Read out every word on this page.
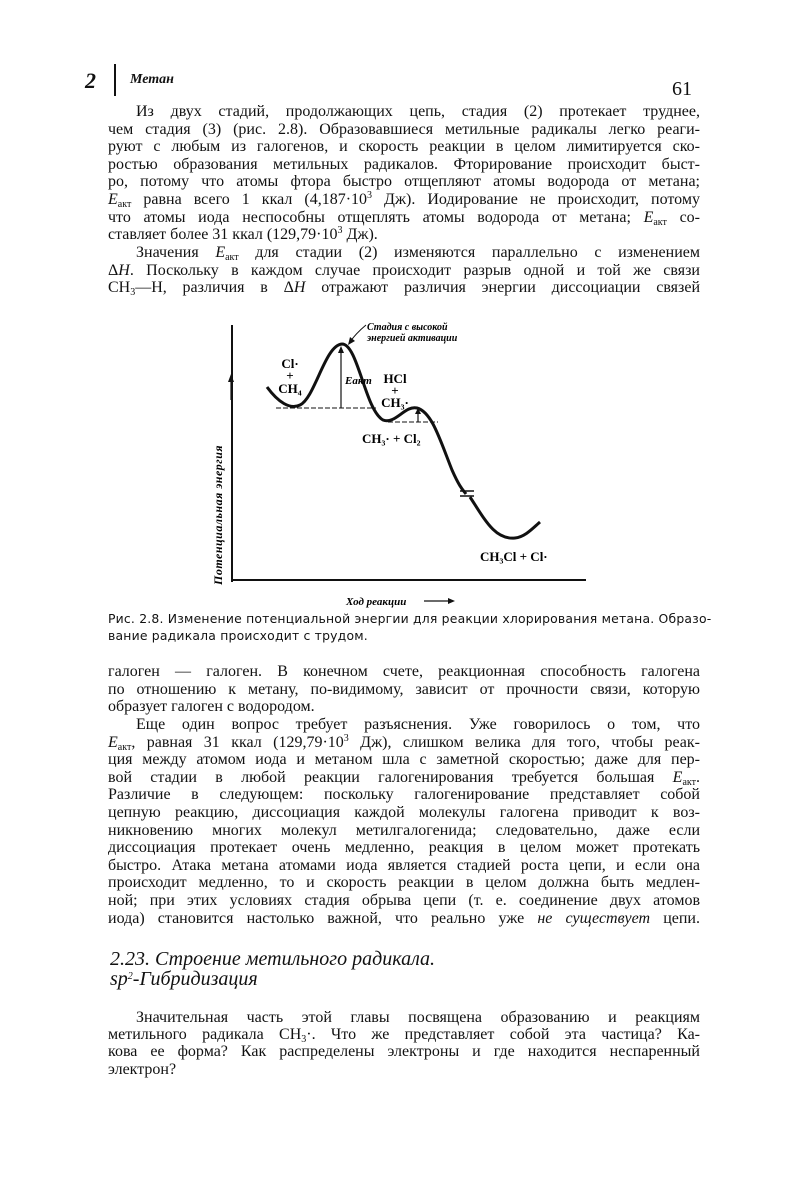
2 Метан	61
Из двух стадий, продолжающих цепь, стадия (2) протекает труднее,
чем стадия (3) (рис. 2.8). Образовавшиеся метильные радикалы легко реаги-
руют с любым из галогенов, и скорость реакции в целом лимитируется ско-
ростью образования метильных радикалов. Фторирование происходит быст-
ро, потому что атомы фтора быстро отщепляют атомы водорода от метана;
$E_{акт}$ равна всего 1 ккал ($4,187\cdot 10^3$ Дж). Иодирование не происходит, потому
что атомы иода неспособны отщеплять атомы водорода от метана; $E_{акт}$ со-
ставляет более 31 ккал ($129,79\cdot 10^3$ Дж).
Значения $E_{акт}$ для стадии (2) изменяются параллельно с изменением
ΔH. Поскольку в каждом случае происходит разрыв одной и той же связи
$CH_3—H$, различия в ΔH отражают различия энергии диссоциации связей
Стадия с высокой
энергией активации
Cl·
+
CH₄	Eакт HCl
+
CH₃·
CH₃· + Cl₂
CH₃Cl + Cl·
Потенциальная энергия
Ход реакции
Рис. 2.8. Изменение потенциальной энергии для реакции хлорирования метана. Образо-
вание радикала происходит с трудом.
галоген — галоген. В конечном счете, реакционная способность галогена
по отношению к метану, по-видимому, зависит от прочности связи, которую
образует галоген с водородом.
Еще один вопрос требует разъяснения. Уже говорилось о том, что
$E_{акт}$, равная 31 ккал ($129,79\cdot 10^3$ Дж), слишком велика для того, чтобы реак-
ция между атомом иода и метаном шла с заметной скоростью; даже для пер-
вой стадии в любой реакции галогенирования требуется большая $E_{акт}$.
Различие в следующем: поскольку галогенирование представляет собой
цепную реакцию, диссоциация каждой молекулы галогена приводит к воз-
никновению многих молекул метилгалогенида; следовательно, даже если
диссоциация протекает очень медленно, реакция в целом может протекать
быстро. Атака метана атомами иода является стадией роста цепи, и если она
происходит медленно, то и скорость реакции в целом должна быть медлен-
ной; при этих условиях стадия обрыва цепи (т. е. соединение двух атомов
иода) становится настолько важной, что реально уже не существует цепи.
2.23. Строение метильного радикала.
$sp^2$-Гибридизация
Значительная часть этой главы посвящена образованию и реакциям
метильного радикала $CH_3\cdot$. Что же представляет собой эта частица? Ка-
кова ее форма? Как распределены электроны и где находится неспаренный
электрон?
